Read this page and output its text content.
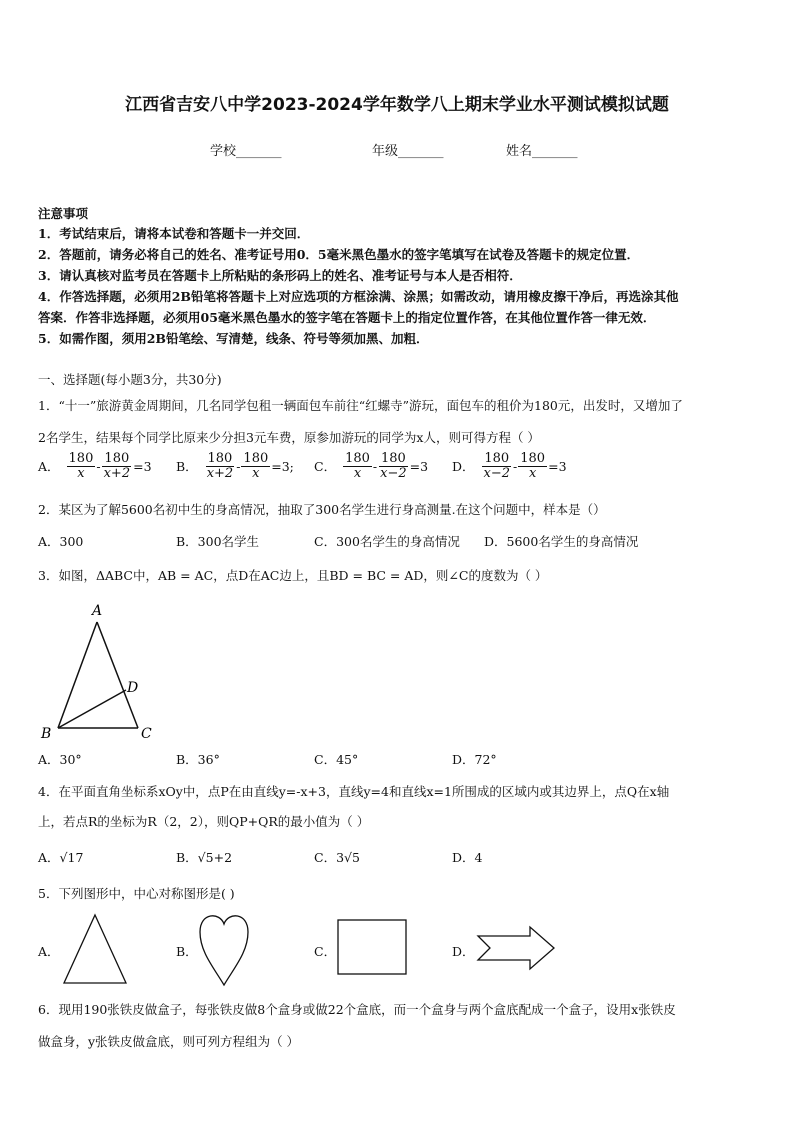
江西省吉安八中学2023-2024学年数学八上期末学业水平测试模拟试题
学校_______	年级_______	姓名_______
注意事项
1．考试结束后，请将本试卷和答题卡一并交回．
2．答题前，请务必将自己的姓名、准考证号用0．5毫米黑色墨水的签字笔填写在试卷及答题卡的规定位置．
3．请认真核对监考员在答题卡上所粘贴的条形码上的姓名、准考证号与本人是否相符．
4．作答选择题，必须用2B铅笔将答题卡上对应选项的方框涂满、涂黑；如需改动，请用橡皮擦干净后，再选涂其他
答案．作答非选择题，必须用05毫米黑色墨水的签字笔在答题卡上的指定位置作答，在其他位置作答一律无效．
5．如需作图，须用2B铅笔绘、写清楚，线条、符号等须加黑、加粗．
一、选择题(每小题3分，共30分)
1．“十一”旅游黄金周期间，几名同学包租一辆面包车前往“红螺寺”游玩，面包车的租价为180元，出发时，又增加了
2名学生，结果每个同学比原来少分担3元车费，原参加游玩的同学为x人，则可得方程（ ）
A． $\frac{180}{x} - \frac{180}{x+2} =3$ B． $\frac{180}{x+2} - \frac{180}{x} =3$; C． $\frac{180}{x} - \frac{180}{x-2} =3$ D． $\frac{180}{x-2} - \frac{180}{x} =3$
2．某区为了解5600名初中生的身高情况，抽取了300名学生进行身高测量.在这个问题中，样本是（）
A．300	B．300名学生	C．300名学生的身高情况 D．5600名学生的身高情况
3．如图，ΔABC中，AB = AC，点D在AC边上，且BD = BC = AD，则∠C的度数为（ ）
A
B	C
D
A．30°	B．36°	C．45°	D．72°
4．在平面直角坐标系xOy中，点P在由直线y=-x+3，直线y=4和直线x=1所围成的区域内或其边界上，点Q在x轴
上，若点R的坐标为R（2，2），则QP+QR的最小值为（ ）
A．√17	B．√5+2	C．3√5	D．4
5．下列图形中，中心对称图形是( )
A．	B．	C．	D．
6．现用190张铁皮做盒子，每张铁皮做8个盒身或做22个盒底，而一个盒身与两个盒底配成一个盒子，设用x张铁皮
做盒身，y张铁皮做盒底，则可列方程组为（ ）
